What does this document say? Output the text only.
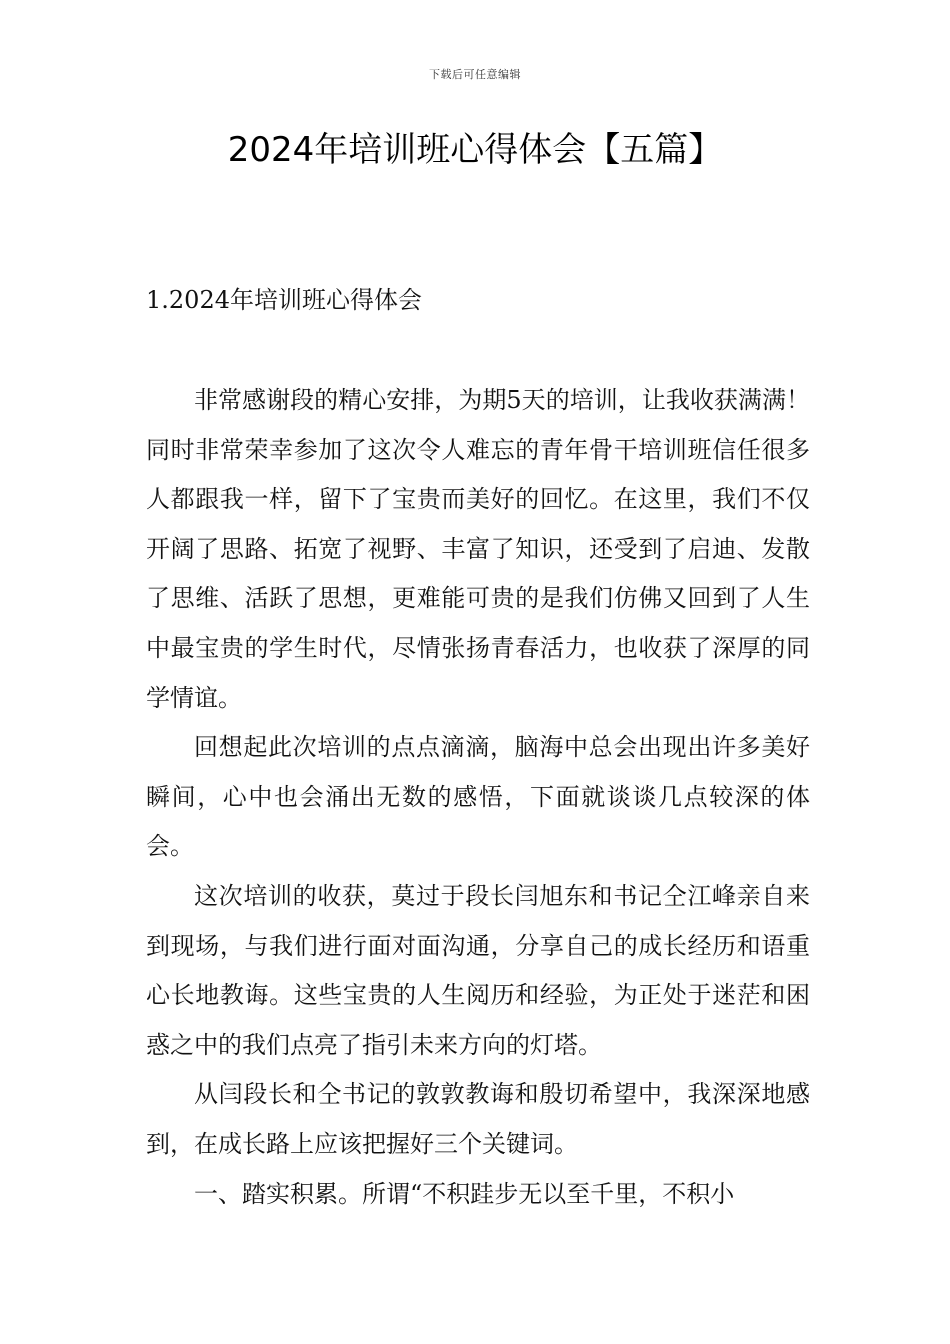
下载后可任意编辑
2024年培训班心得体会【五篇】
1.2024年培训班心得体会

非常感谢段的精心安排，为期5天的培训，让我收获满满！同时非常荣幸参加了这次令人难忘的青年骨干培训班信任很多人都跟我一样，留下了宝贵而美好的回忆。在这里，我们不仅开阔了思路、拓宽了视野、丰富了知识，还受到了启迪、发散了思维、活跃了思想，更难能可贵的是我们仿佛又回到了人生中最宝贵的学生时代，尽情张扬青春活力，也收获了深厚的同学情谊。

回想起此次培训的点点滴滴，脑海中总会出现出许多美好瞬间，心中也会涌出无数的感悟，下面就谈谈几点较深的体会。

这次培训的收获，莫过于段长闫旭东和书记仝江峰亲自来到现场，与我们进行面对面沟通，分享自己的成长经历和语重心长地教诲。这些宝贵的人生阅历和经验，为正处于迷茫和困惑之中的我们点亮了指引未来方向的灯塔。

从闫段长和仝书记的敦敦教诲和殷切希望中，我深深地感到，在成长路上应该把握好三个关键词。

一、踏实积累。所谓“不积跬步无以至千里，不积小
